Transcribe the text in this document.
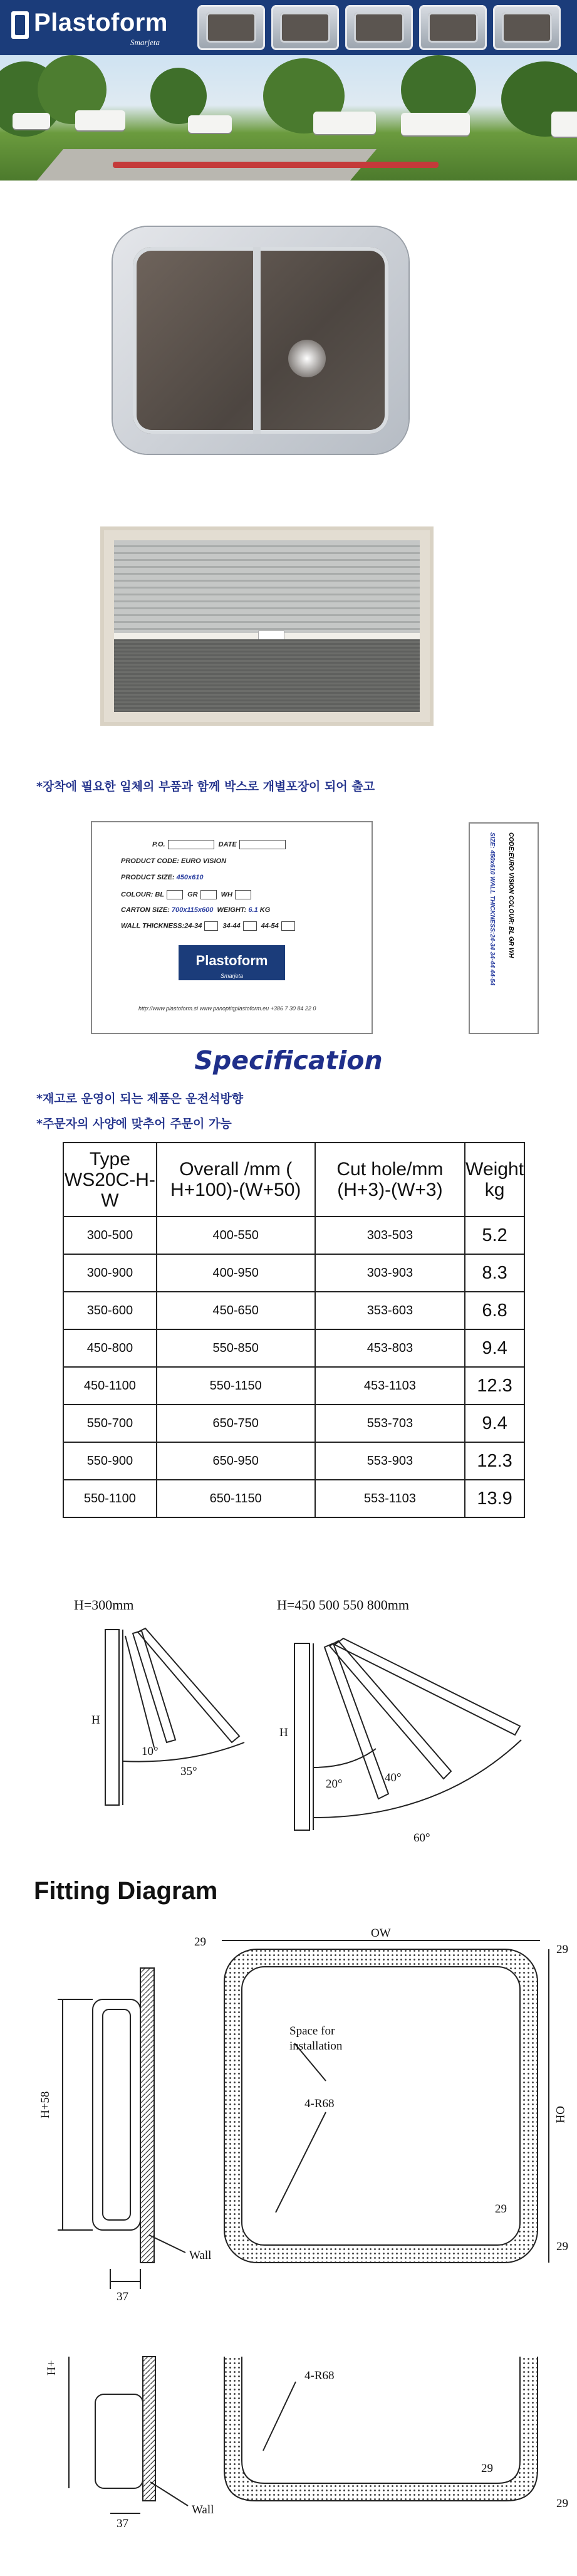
Plastoform
Smarjeta
*장착에 필요한 일체의 부품과 함께 박스로 개별포장이 되어 출고
P.O.	DATE
PRODUCT CODE: EURO VISION
PRODUCT SIZE: 450x610
COLOUR: BL	GR	WH
CARTON SIZE: 700x115x600 WEIGHT: 6.1 KG
WALL THICKNESS:24-34	34-44	44-54
Plastoform
Smarjeta
http://www.plastoform.si www.panoptiqplastoform.eu +386 7 30 84 22 0
CODE:EURO VISION COLOUR: BL GR WH
SIZE: 450x610 WALL THICKNESS:24-34 34-44 44-54
Specification
*재고로 운영이 되는 제품은 운전석방향
*주문자의 사양에 맞추어 주문이 가능
Type WS20C-H-W	Overall /mm ( H+100)-(W+50)	Cut hole/mm (H+3)-(W+3)	Weight kg
300-500	400-550	303-503	5.2
300-900	400-950	303-903	8.3
350-600	450-650	353-603	6.8
450-800	550-850	453-803	9.4
450-1100	550-1150	453-1103	12.3
550-700	650-750	553-703	9.4
550-900	650-950	553-903	12.3
550-1100	650-1150	553-1103	13.9
H=300mm	H=450 500 550 800mm
H
H
10°
35°
20°	40°
60°
Fitting Diagram
H+58
37
Wall
29
OW
29
OH
29
29
Space for
installation
4-R68
H+
37
Wall
4-R68
29
29
